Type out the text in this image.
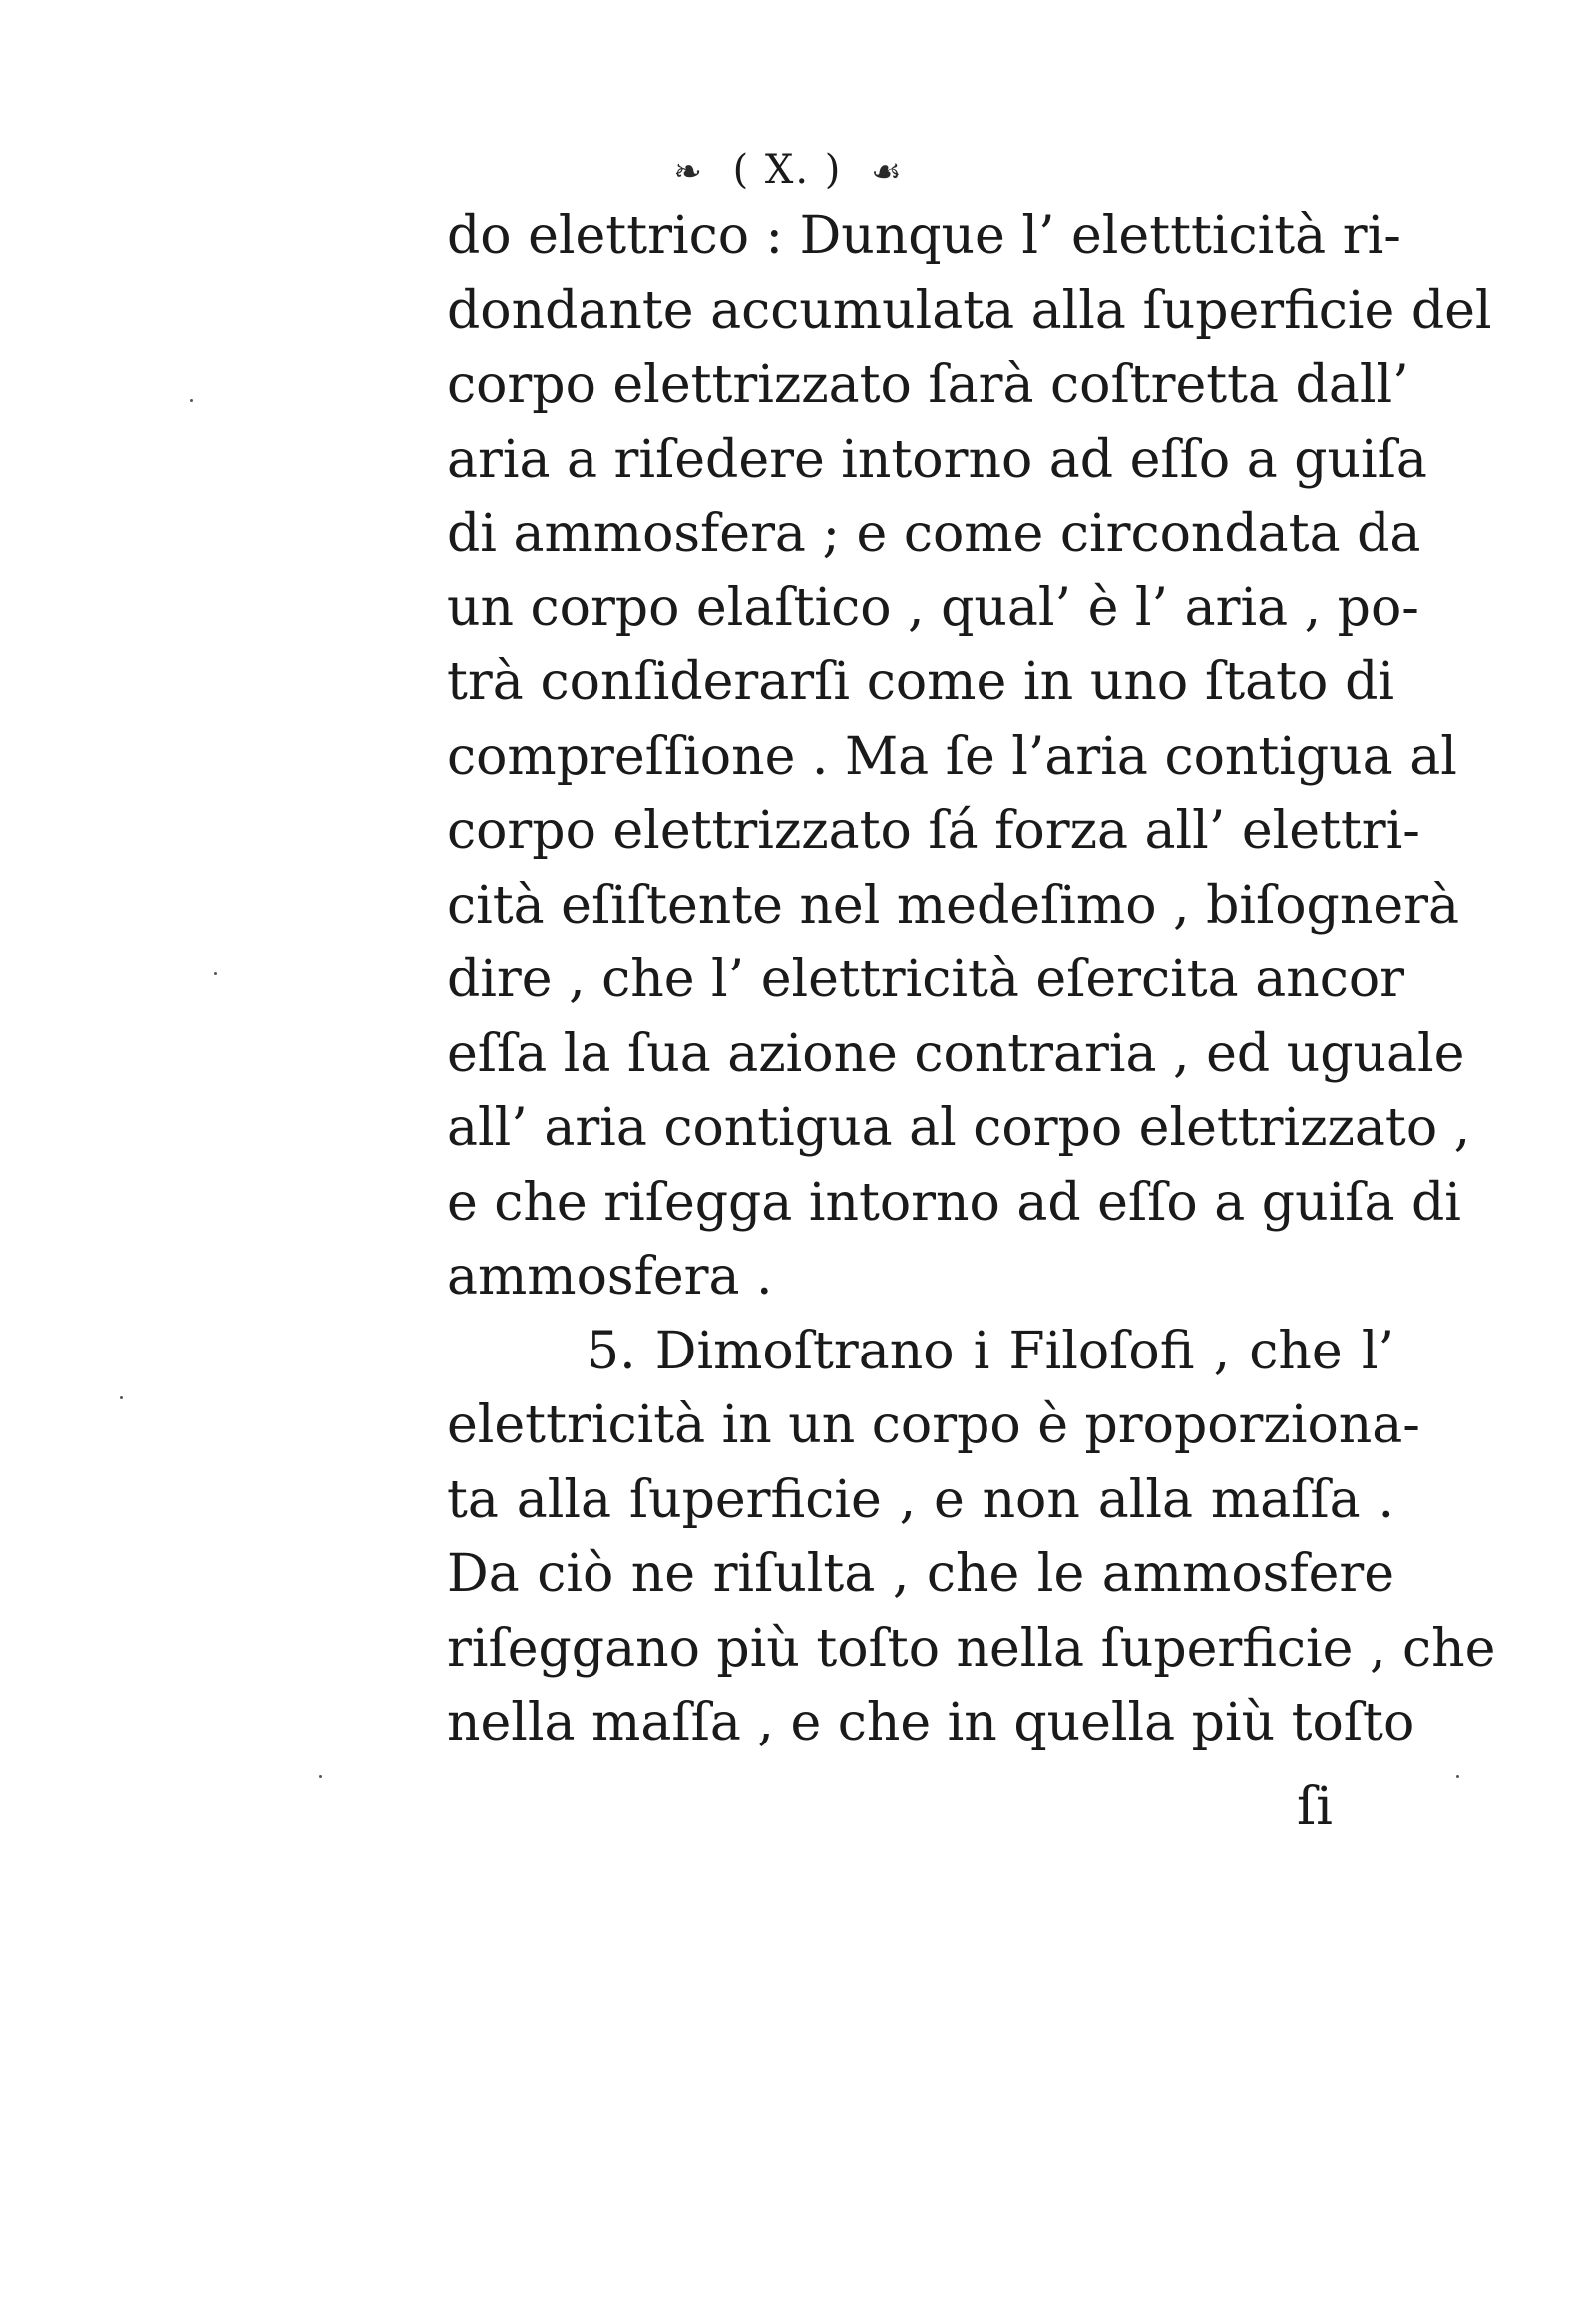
❧ ( X. ) ☙
do elettrico : Dunque l’ elettticità ri-
dondante accumulata alla ſuperficie del
corpo elettrizzato ſarà coſtretta dall’
aria a riſedere intorno ad eſſo a guiſa
di ammosfera ; e come circondata da
un corpo elaſtico , qual’ è l’ aria , po-
trà conſiderarſi come in uno ſtato di
compreſſione . Ma ſe l’aria contigua al
corpo elettrizzato ſá forza all’ elettri-
cità eſiſtente nel medeſimo , biſognerà
dire , che l’ elettricità eſercita ancor
eſſa la ſua azione contraria , ed uguale
all’ aria contigua al corpo elettrizzato ,
e che riſegga intorno ad eſſo a guiſa di
ammosfera .
5. Dimoſtrano i Filoſofi , che l’
elettricità in un corpo è proporziona-
ta alla ſuperficie , e non alla maſſa .
Da ciò ne riſulta , che le ammosfere
riſeggano più toſto nella ſuperficie , che
nella maſſa , e che in quella più toſto
ſi
